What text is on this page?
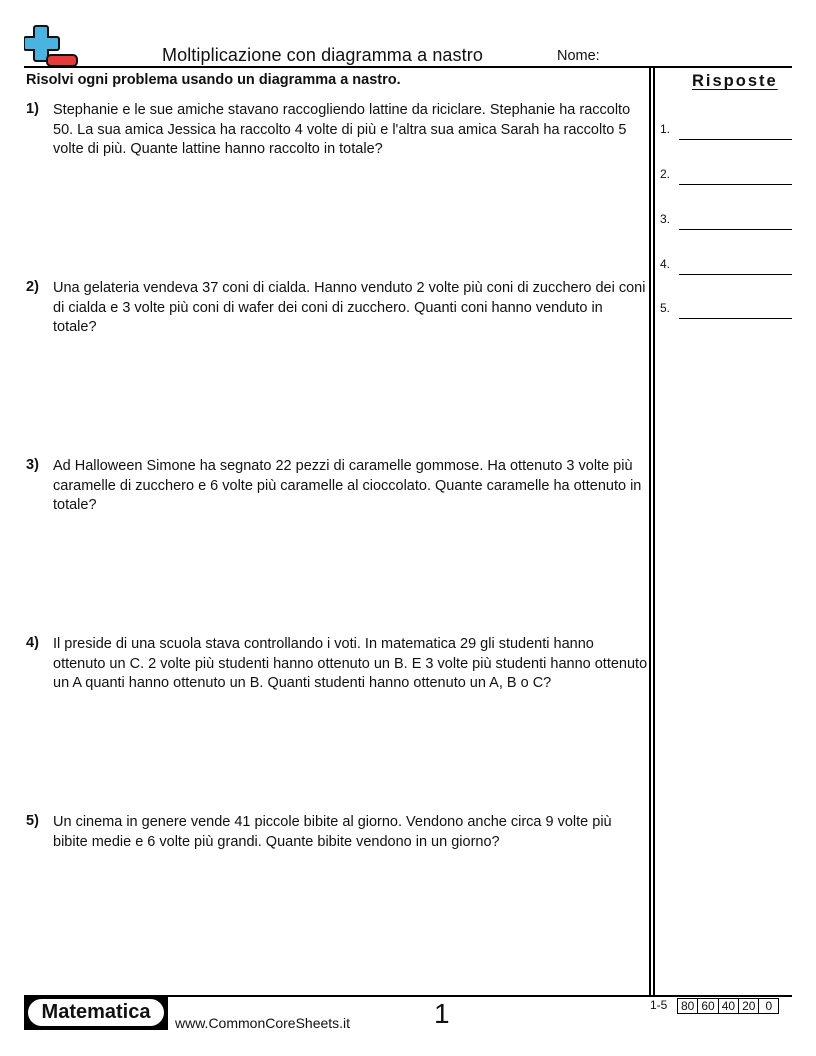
Moltiplicazione con diagramma a nastro	Nome:
Risolvi ogni problema usando un diagramma a nastro.	Risposte
1.
2.
3.
4.
5.
1) Stephanie e le sue amiche stavano raccogliendo lattine da riciclare. Stephanie ha raccolto 50. La sua amica Jessica ha raccolto 4 volte di più e l'altra sua amica Sarah ha raccolto 5 volte di più. Quante lattine hanno raccolto in totale?
2) Una gelateria vendeva 37 coni di cialda. Hanno venduto 2 volte più coni di zucchero dei coni di cialda e 3 volte più coni di wafer dei coni di zucchero. Quanti coni hanno venduto in totale?
3) Ad Halloween Simone ha segnato 22 pezzi di caramelle gommose. Ha ottenuto 3 volte più caramelle di zucchero e 6 volte più caramelle al cioccolato. Quante caramelle ha ottenuto in totale?
4) Il preside di una scuola stava controllando i voti. In matematica 29 gli studenti hanno ottenuto un C. 2 volte più studenti hanno ottenuto un B. E 3 volte più studenti hanno ottenuto un A quanti hanno ottenuto un B. Quanti studenti hanno ottenuto un A, B o C?
5) Un cinema in genere vende 41 piccole bibite al giorno. Vendono anche circa 9 volte più bibite medie e 6 volte più grandi. Quante bibite vendono in un giorno?
Matematica	www.CommonCoreSheets.it	1	1-5 80	60	40	20	0
